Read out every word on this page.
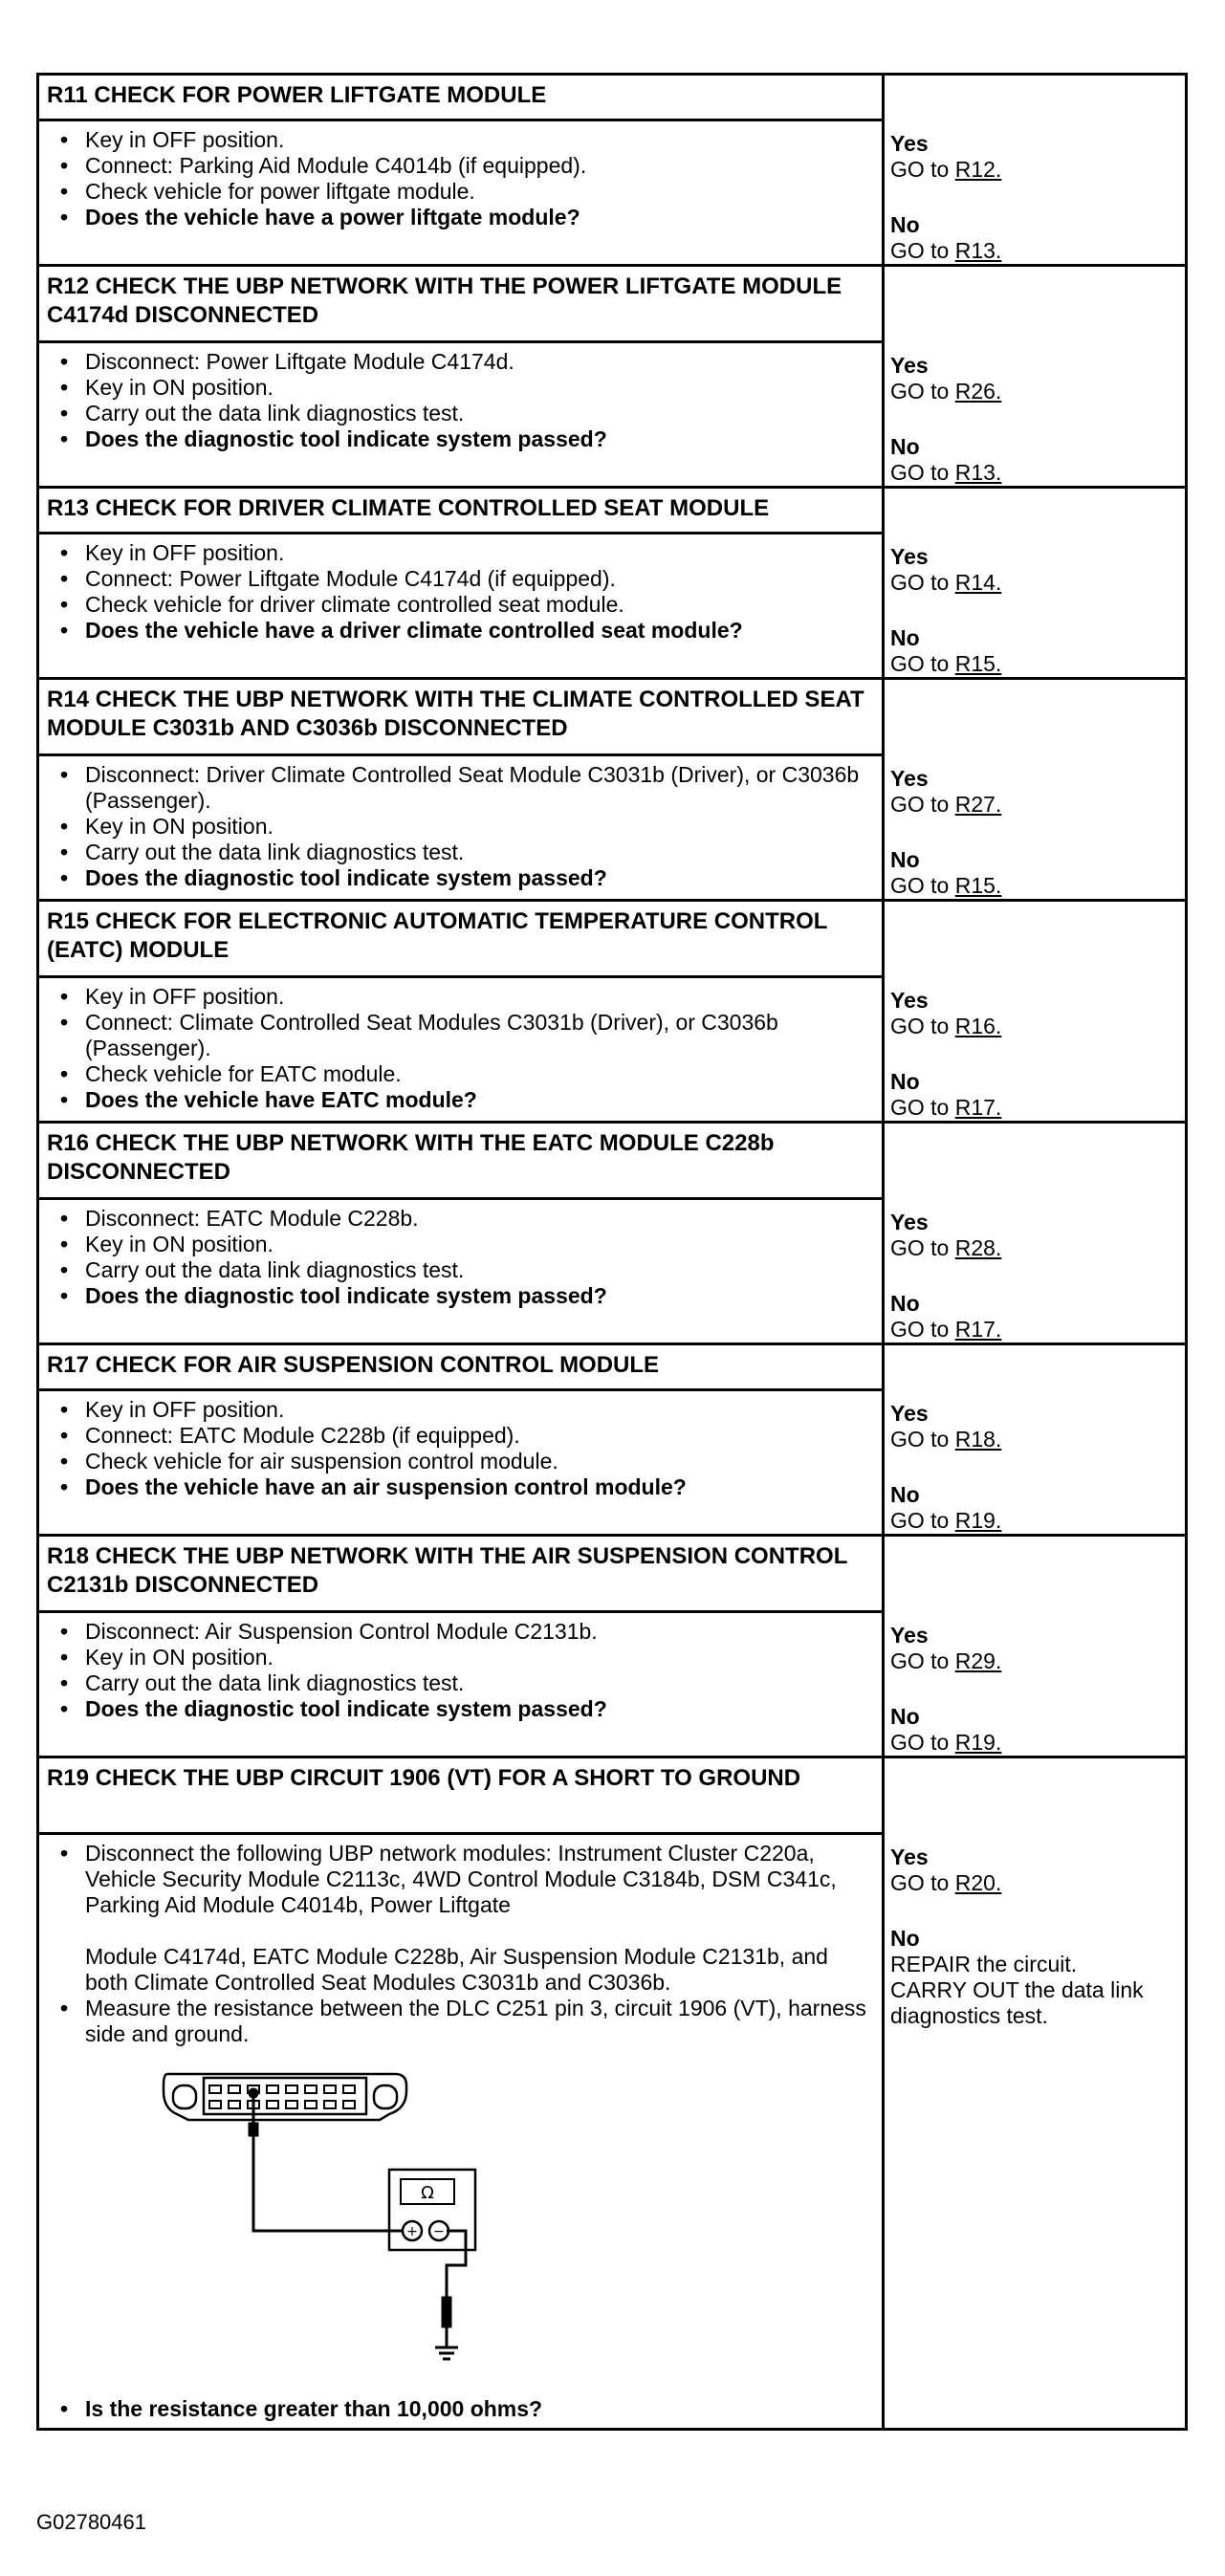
R11 CHECK FOR POWER LIFTGATE MODULE
• Key in OFF position.
• Connect: Parking Aid Module C4014b (if equipped).
• Check vehicle for power liftgate module.
• Does the vehicle have a power liftgate module?
Yes
GO to R12.
No
GO to R13.
R12 CHECK THE UBP NETWORK WITH THE POWER LIFTGATE MODULE C4174d DISCONNECTED
• Disconnect: Power Liftgate Module C4174d.
• Key in ON position.
• Carry out the data link diagnostics test.
• Does the diagnostic tool indicate system passed?
Yes
GO to R26.
No
GO to R13.
R13 CHECK FOR DRIVER CLIMATE CONTROLLED SEAT MODULE
• Key in OFF position.
• Connect: Power Liftgate Module C4174d (if equipped).
• Check vehicle for driver climate controlled seat module.
• Does the vehicle have a driver climate controlled seat module?
Yes
GO to R14.
No
GO to R15.
R14 CHECK THE UBP NETWORK WITH THE CLIMATE CONTROLLED SEAT MODULE C3031b AND C3036b DISCONNECTED
• Disconnect: Driver Climate Controlled Seat Module C3031b (Driver), or C3036b (Passenger).
• Key in ON position.
• Carry out the data link diagnostics test.
• Does the diagnostic tool indicate system passed?
Yes
GO to R27.
No
GO to R15.
R15 CHECK FOR ELECTRONIC AUTOMATIC TEMPERATURE CONTROL (EATC) MODULE
• Key in OFF position.
• Connect: Climate Controlled Seat Modules C3031b (Driver), or C3036b (Passenger).
• Check vehicle for EATC module.
• Does the vehicle have EATC module?
Yes
GO to R16.
No
GO to R17.
R16 CHECK THE UBP NETWORK WITH THE EATC MODULE C228b DISCONNECTED
• Disconnect: EATC Module C228b.
• Key in ON position.
• Carry out the data link diagnostics test.
• Does the diagnostic tool indicate system passed?
Yes
GO to R28.
No
GO to R17.
R17 CHECK FOR AIR SUSPENSION CONTROL MODULE
• Key in OFF position.
• Connect: EATC Module C228b (if equipped).
• Check vehicle for air suspension control module.
• Does the vehicle have an air suspension control module?
Yes
GO to R18.
No
GO to R19.
R18 CHECK THE UBP NETWORK WITH THE AIR SUSPENSION CONTROL C2131b DISCONNECTED
• Disconnect: Air Suspension Control Module C2131b.
• Key in ON position.
• Carry out the data link diagnostics test.
• Does the diagnostic tool indicate system passed?
Yes
GO to R29.
No
GO to R19.
R19 CHECK THE UBP CIRCUIT 1906 (VT) FOR A SHORT TO GROUND
• Disconnect the following UBP network modules: Instrument Cluster C220a, Vehicle Security Module C2113c, 4WD Control Module C3184b, DSM C341c, Parking Aid Module C4014b, Power Liftgate

Module C4174d, EATC Module C228b, Air Suspension Module C2131b, and both Climate Controlled Seat Modules C3031b and C3036b.
• Measure the resistance between the DLC C251 pin 3, circuit 1906 (VT), harness side and ground.
Ω
+ −
• Is the resistance greater than 10,000 ohms?
Yes
GO to R20.
No
REPAIR the circuit.
CARRY OUT the data link diagnostics test.
G02780461
